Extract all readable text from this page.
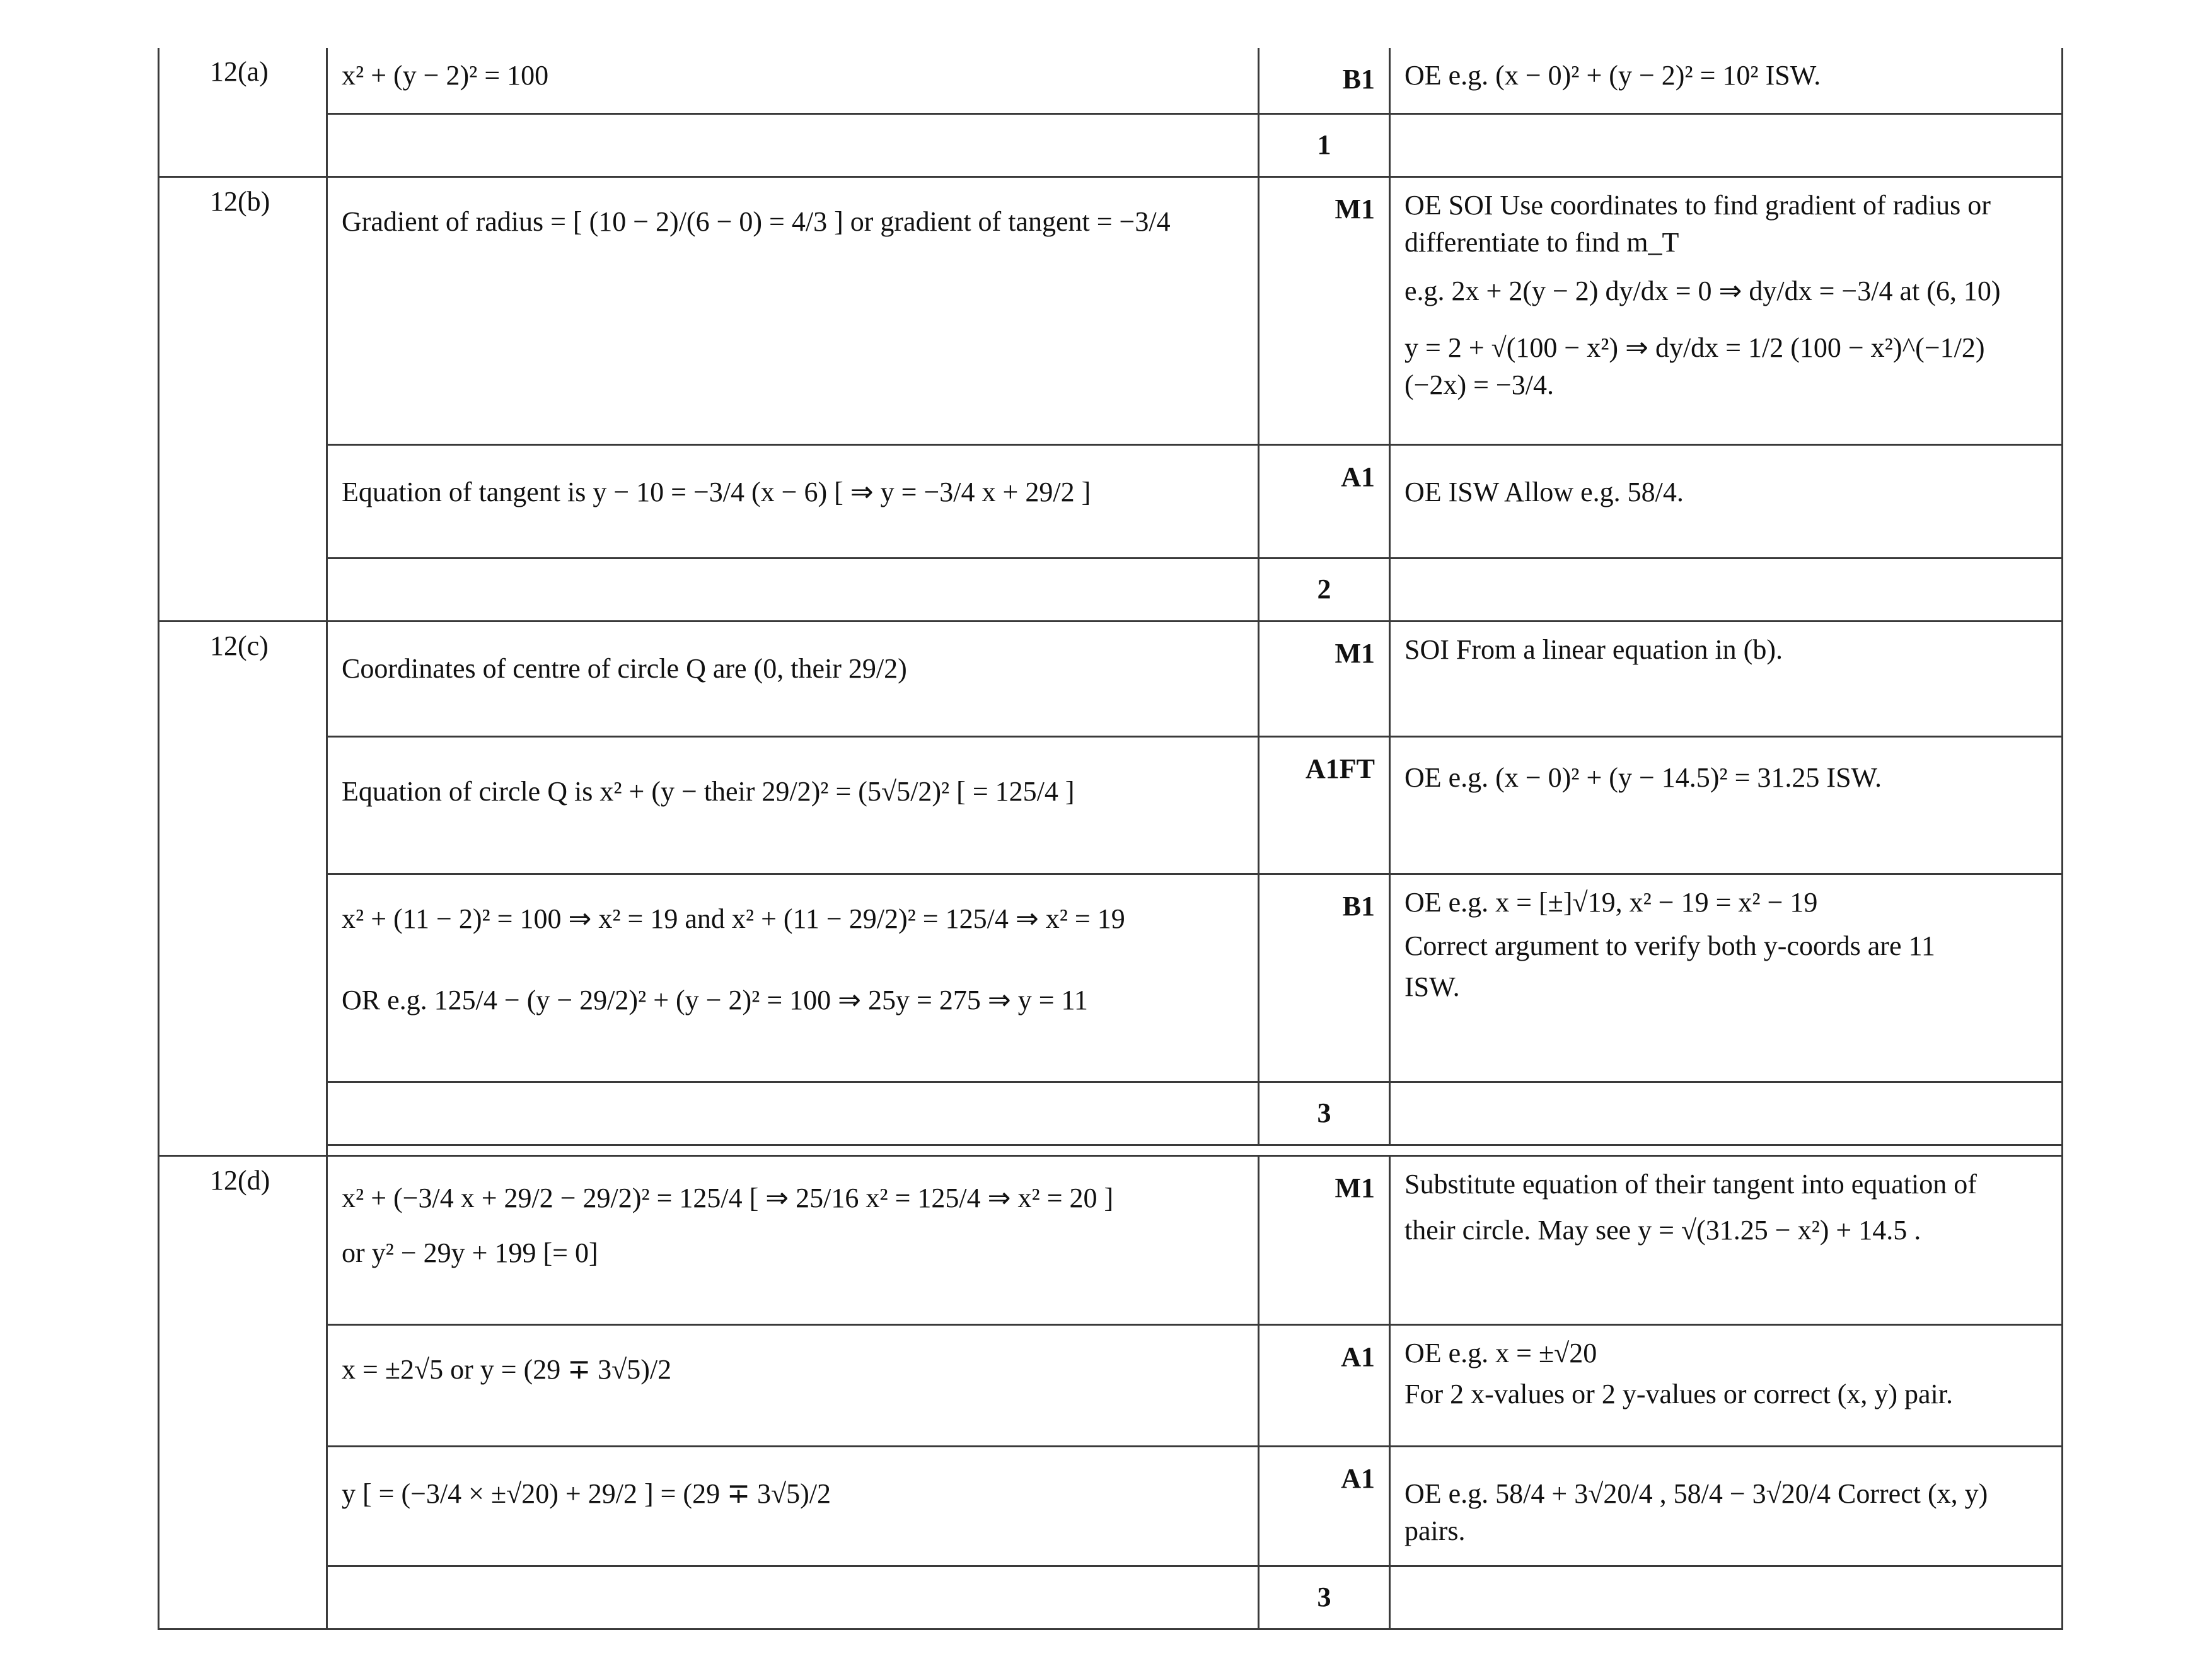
12(a)	x² + (y − 2)² = 100	B1	OE e.g. (x − 0)² + (y − 2)² = 10² ISW.
		1	
12(b)	Gradient of radius = [ (10 − 2)/(6 − 0) = 4/3 ] or gradient of tangent = −3/4	M1	OE SOI Use coordinates to find gradient of radius or differentiate to find m_T
e.g. 2x + 2(y − 2) dy/dx = 0 ⇒ dy/dx = −3/4 at (6, 10)
y = 2 + √(100 − x²) ⇒ dy/dx = 1/2 (100 − x²)^(−1/2) (−2x) = −3/4.

	Equation of tangent is y − 10 = −3/4 (x − 6) [ ⇒ y = −3/4 x + 29/2 ]	A1	OE ISW Allow e.g. 58/4.
		2	
12(c)	Coordinates of centre of circle Q are (0, their 29/2)	M1	SOI From a linear equation in (b).
	Equation of circle Q is x² + (y − their 29/2)² = (5√5/2)² [ = 125/4 ]	A1FT	OE e.g. (x − 0)² + (y − 14.5)² = 31.25 ISW.

	x² + (11 − 2)² = 100 ⇒ x² = 19 and x² + (11 − 29/2)² = 125/4 ⇒ x² = 19
OR e.g. 125/4 − (y − 29/2)² + (y − 2)² = 100 ⇒ 25y = 275 ⇒ y = 11	B1	OE e.g. x = [±]√19, x² − 19 = x² − 19
Correct argument to verify both y-coords are 11
ISW.

		3	

12(d)	x² + (−3/4 x + 29/2 − 29/2)² = 125/4 [ ⇒ 25/16 x² = 125/4 ⇒ x² = 20 ]
or y² − 29y + 199 [= 0]	M1	Substitute equation of their tangent into equation of
their circle. May see y = √(31.25 − x²) + 14.5 .

	x = ±2√5 or y = (29 ∓ 3√5)/2	A1	OE e.g. x = ±√20
For 2 x-values or 2 y-values or correct (x, y) pair.

	y [ = (−3/4 × ±√20) + 29/2 ] = (29 ∓ 3√5)/2	A1	OE e.g. 58/4 + 3√20/4 , 58/4 − 3√20/4 Correct (x, y) pairs.
		3	
